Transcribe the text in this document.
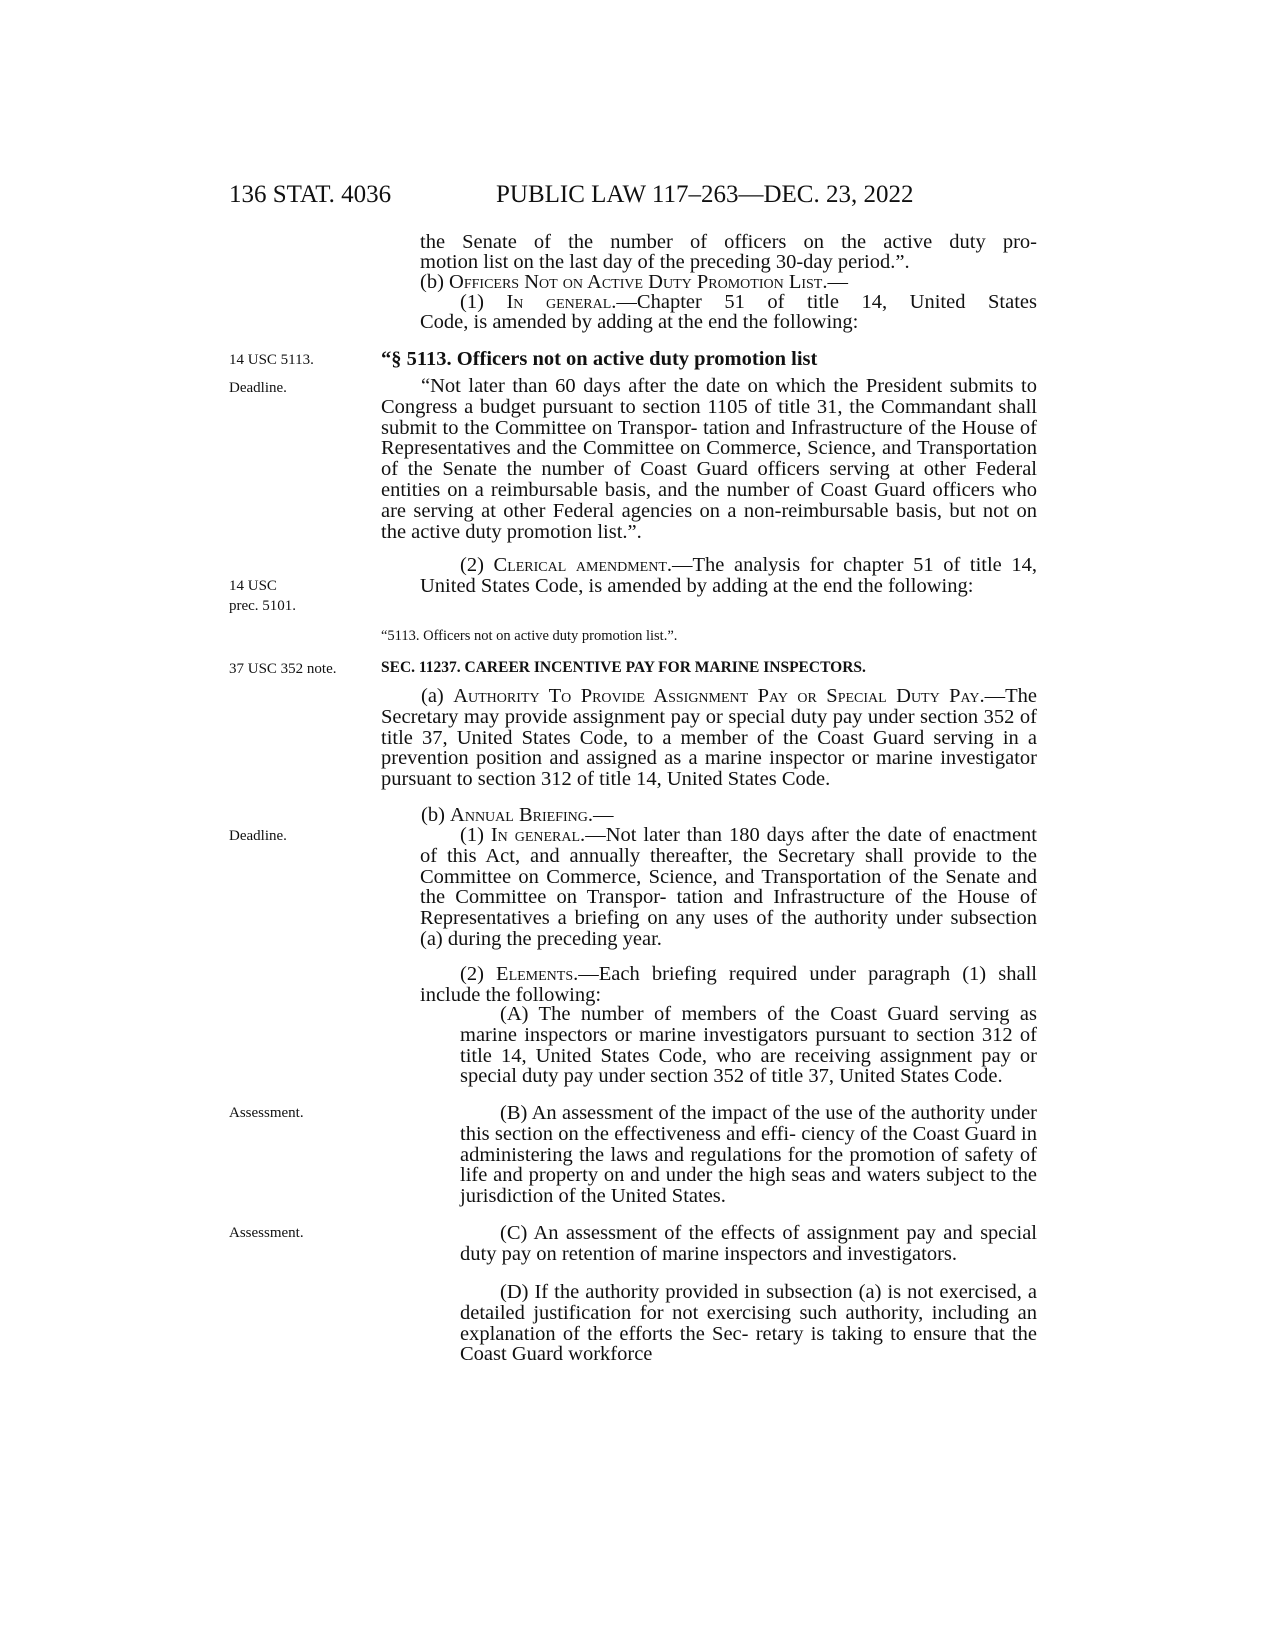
136 STAT. 4036	PUBLIC LAW 117–263—DEC. 23, 2022
the Senate of the number of officers on the active duty pro-
motion list on the last day of the preceding 30-day period.”.
(b) Officers Not on Active Duty Promotion List.—
(1) In general.—Chapter 51 of title 14, United States
Code, is amended by adding at the end the following:
14 USC 5113.
Deadline.
14 USC
prec. 5101.
37 USC 352 note.
Deadline.
Assessment.
Assessment.
“§ 5113. Officers not on active duty promotion list
“Not later than 60 days after the date on which the President submits to Congress a budget pursuant to section 1105 of title 31, the Commandant shall submit to the Committee on Transpor- tation and Infrastructure of the House of Representatives and the Committee on Commerce, Science, and Transportation of the Senate the number of Coast Guard officers serving at other Federal entities on a reimbursable basis, and the number of Coast Guard officers who are serving at other Federal agencies on a non-reimbursable basis, but not on the active duty promotion list.”.
(2) Clerical amendment.—The analysis for chapter 51 of title 14, United States Code, is amended by adding at the end the following:
“5113. Officers not on active duty promotion list.”.
SEC. 11237. CAREER INCENTIVE PAY FOR MARINE INSPECTORS.
(a) Authority To Provide Assignment Pay or Special Duty Pay.—The Secretary may provide assignment pay or special duty pay under section 352 of title 37, United States Code, to a member of the Coast Guard serving in a prevention position and assigned as a marine inspector or marine investigator pursuant to section 312 of title 14, United States Code.
(b) Annual Briefing.—
(1) In general.—Not later than 180 days after the date of enactment of this Act, and annually thereafter, the Secretary shall provide to the Committee on Commerce, Science, and Transportation of the Senate and the Committee on Transpor- tation and Infrastructure of the House of Representatives a briefing on any uses of the authority under subsection (a) during the preceding year.
(2) Elements.—Each briefing required under paragraph (1) shall include the following:
(A) The number of members of the Coast Guard serving as marine inspectors or marine investigators pursuant to section 312 of title 14, United States Code, who are receiving assignment pay or special duty pay under section 352 of title 37, United States Code.
(B) An assessment of the impact of the use of the authority under this section on the effectiveness and effi- ciency of the Coast Guard in administering the laws and regulations for the promotion of safety of life and property on and under the high seas and waters subject to the jurisdiction of the United States.
(C) An assessment of the effects of assignment pay and special duty pay on retention of marine inspectors and investigators.
(D) If the authority provided in subsection (a) is not exercised, a detailed justification for not exercising such authority, including an explanation of the efforts the Sec- retary is taking to ensure that the Coast Guard workforce
